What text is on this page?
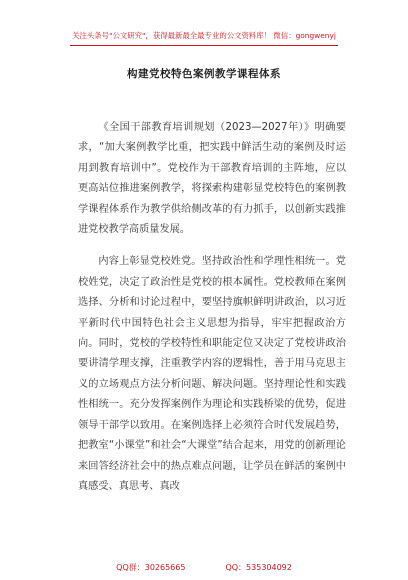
关注头条号"公文研究"，获得最新最全最专业的公文资料库！ 微信：gongwenyj
构建党校特色案例教学课程体系

《全国干部教育培训规划（2023—2027年）》明确要求，“加大案例教学比重，把实践中鲜活生动的案例及时运用到教育培训中”。党校作为干部教育培训的主阵地，应以更高站位推进案例教学，将探索构建彰显党校特色的案例教学课程体系作为教学供给侧改革的有力抓手，以创新实践推进党校教学高质量发展。

内容上彰显党校姓党。坚持政治性和学理性相统一。党校姓党，决定了政治性是党校的根本属性。党校教师在案例选择、分析和讨论过程中，要坚持旗帜鲜明讲政治，以习近平新时代中国特色社会主义思想为指导，牢牢把握政治方向。同时，党校的学校特性和职能定位又决定了党校讲政治要讲清学理支撑，注重教学内容的逻辑性，善于用马克思主义的立场观点方法分析问题、解决问题。坚持理论性和实践性相统一。充分发挥案例作为理论和实践桥梁的优势，促进领导干部学以致用。在案例选择上必须符合时代发展趋势，把教室“小课堂”和社会“大课堂”结合起来，用党的创新理论来回答经济社会中的热点难点问题，让学员在鲜活的案例中真感受、真思考、真改

QQ群：30265665	QQ：535304092
